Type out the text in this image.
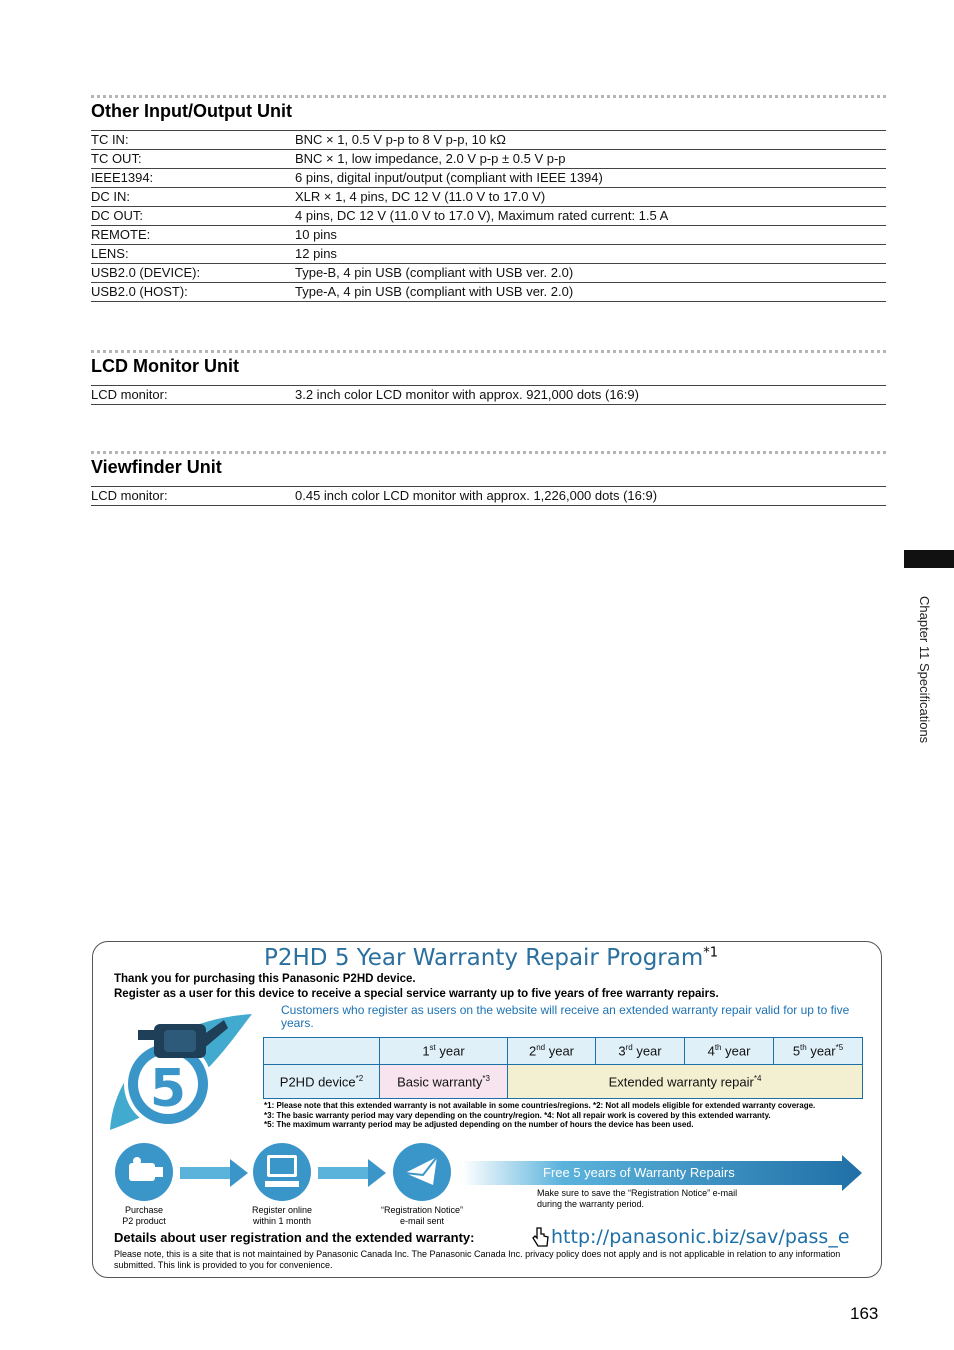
Other Input/Output Unit
TC IN:	BNC × 1, 0.5 V p-p to 8 V p-p, 10 kΩ
TC OUT:	BNC × 1, low impedance, 2.0 V p-p ± 0.5 V p-p
IEEE1394:	6 pins, digital input/output (compliant with IEEE 1394)
DC IN:	XLR × 1, 4 pins, DC 12 V (11.0 V to 17.0 V)
DC OUT:	4 pins, DC 12 V (11.0 V to 17.0 V), Maximum rated current: 1.5 A
REMOTE:	10 pins
LENS:	12 pins
USB2.0 (DEVICE):	Type-B, 4 pin USB (compliant with USB ver. 2.0)
USB2.0 (HOST):	Type-A, 4 pin USB (compliant with USB ver. 2.0)
LCD Monitor Unit
LCD monitor:	3.2 inch color LCD monitor with approx. 921,000 dots (16:9)
Viewfinder Unit
LCD monitor:	0.45 inch color LCD monitor with approx. 1,226,000 dots (16:9)
Chapter 11 Specifications
P2HD 5 Year Warranty Repair Program$^{*1}$
Thank you for purchasing this Panasonic P2HD device.
Register as a user for this device to receive a special service warranty up to five years of free warranty repairs.
Customers who register as users on the website will receive an extended warranty repair valid for up to five years.
5
	1st year	2nd year	3rd year	4th year	5th year$^{*5}$
P2HD device$^{*2}$	Basic warranty$^{*3}$	Extended warranty repair$^{*4}$
*1: Please note that this extended warranty is not available in some countries/regions. *2: Not all models eligible for extended warranty coverage.
*3: The basic warranty period may vary depending on the country/region. *4: Not all repair work is covered by this extended warranty.
*5: The maximum warranty period may be adjusted depending on the number of hours the device has been used.
Purchase
P2 product
Register online
within 1 month
“Registration Notice”
e-mail sent
Free 5 years of Warranty Repairs
Make sure to save the “Registration Notice” e-mail
during the warranty period.
Details about user registration and the extended warranty:	http://panasonic.biz/sav/pass_e
Please note, this is a site that is not maintained by Panasonic Canada Inc. The Panasonic Canada Inc. privacy policy does not apply and is not applicable in relation to any information submitted. This link is provided to you for convenience.
163
